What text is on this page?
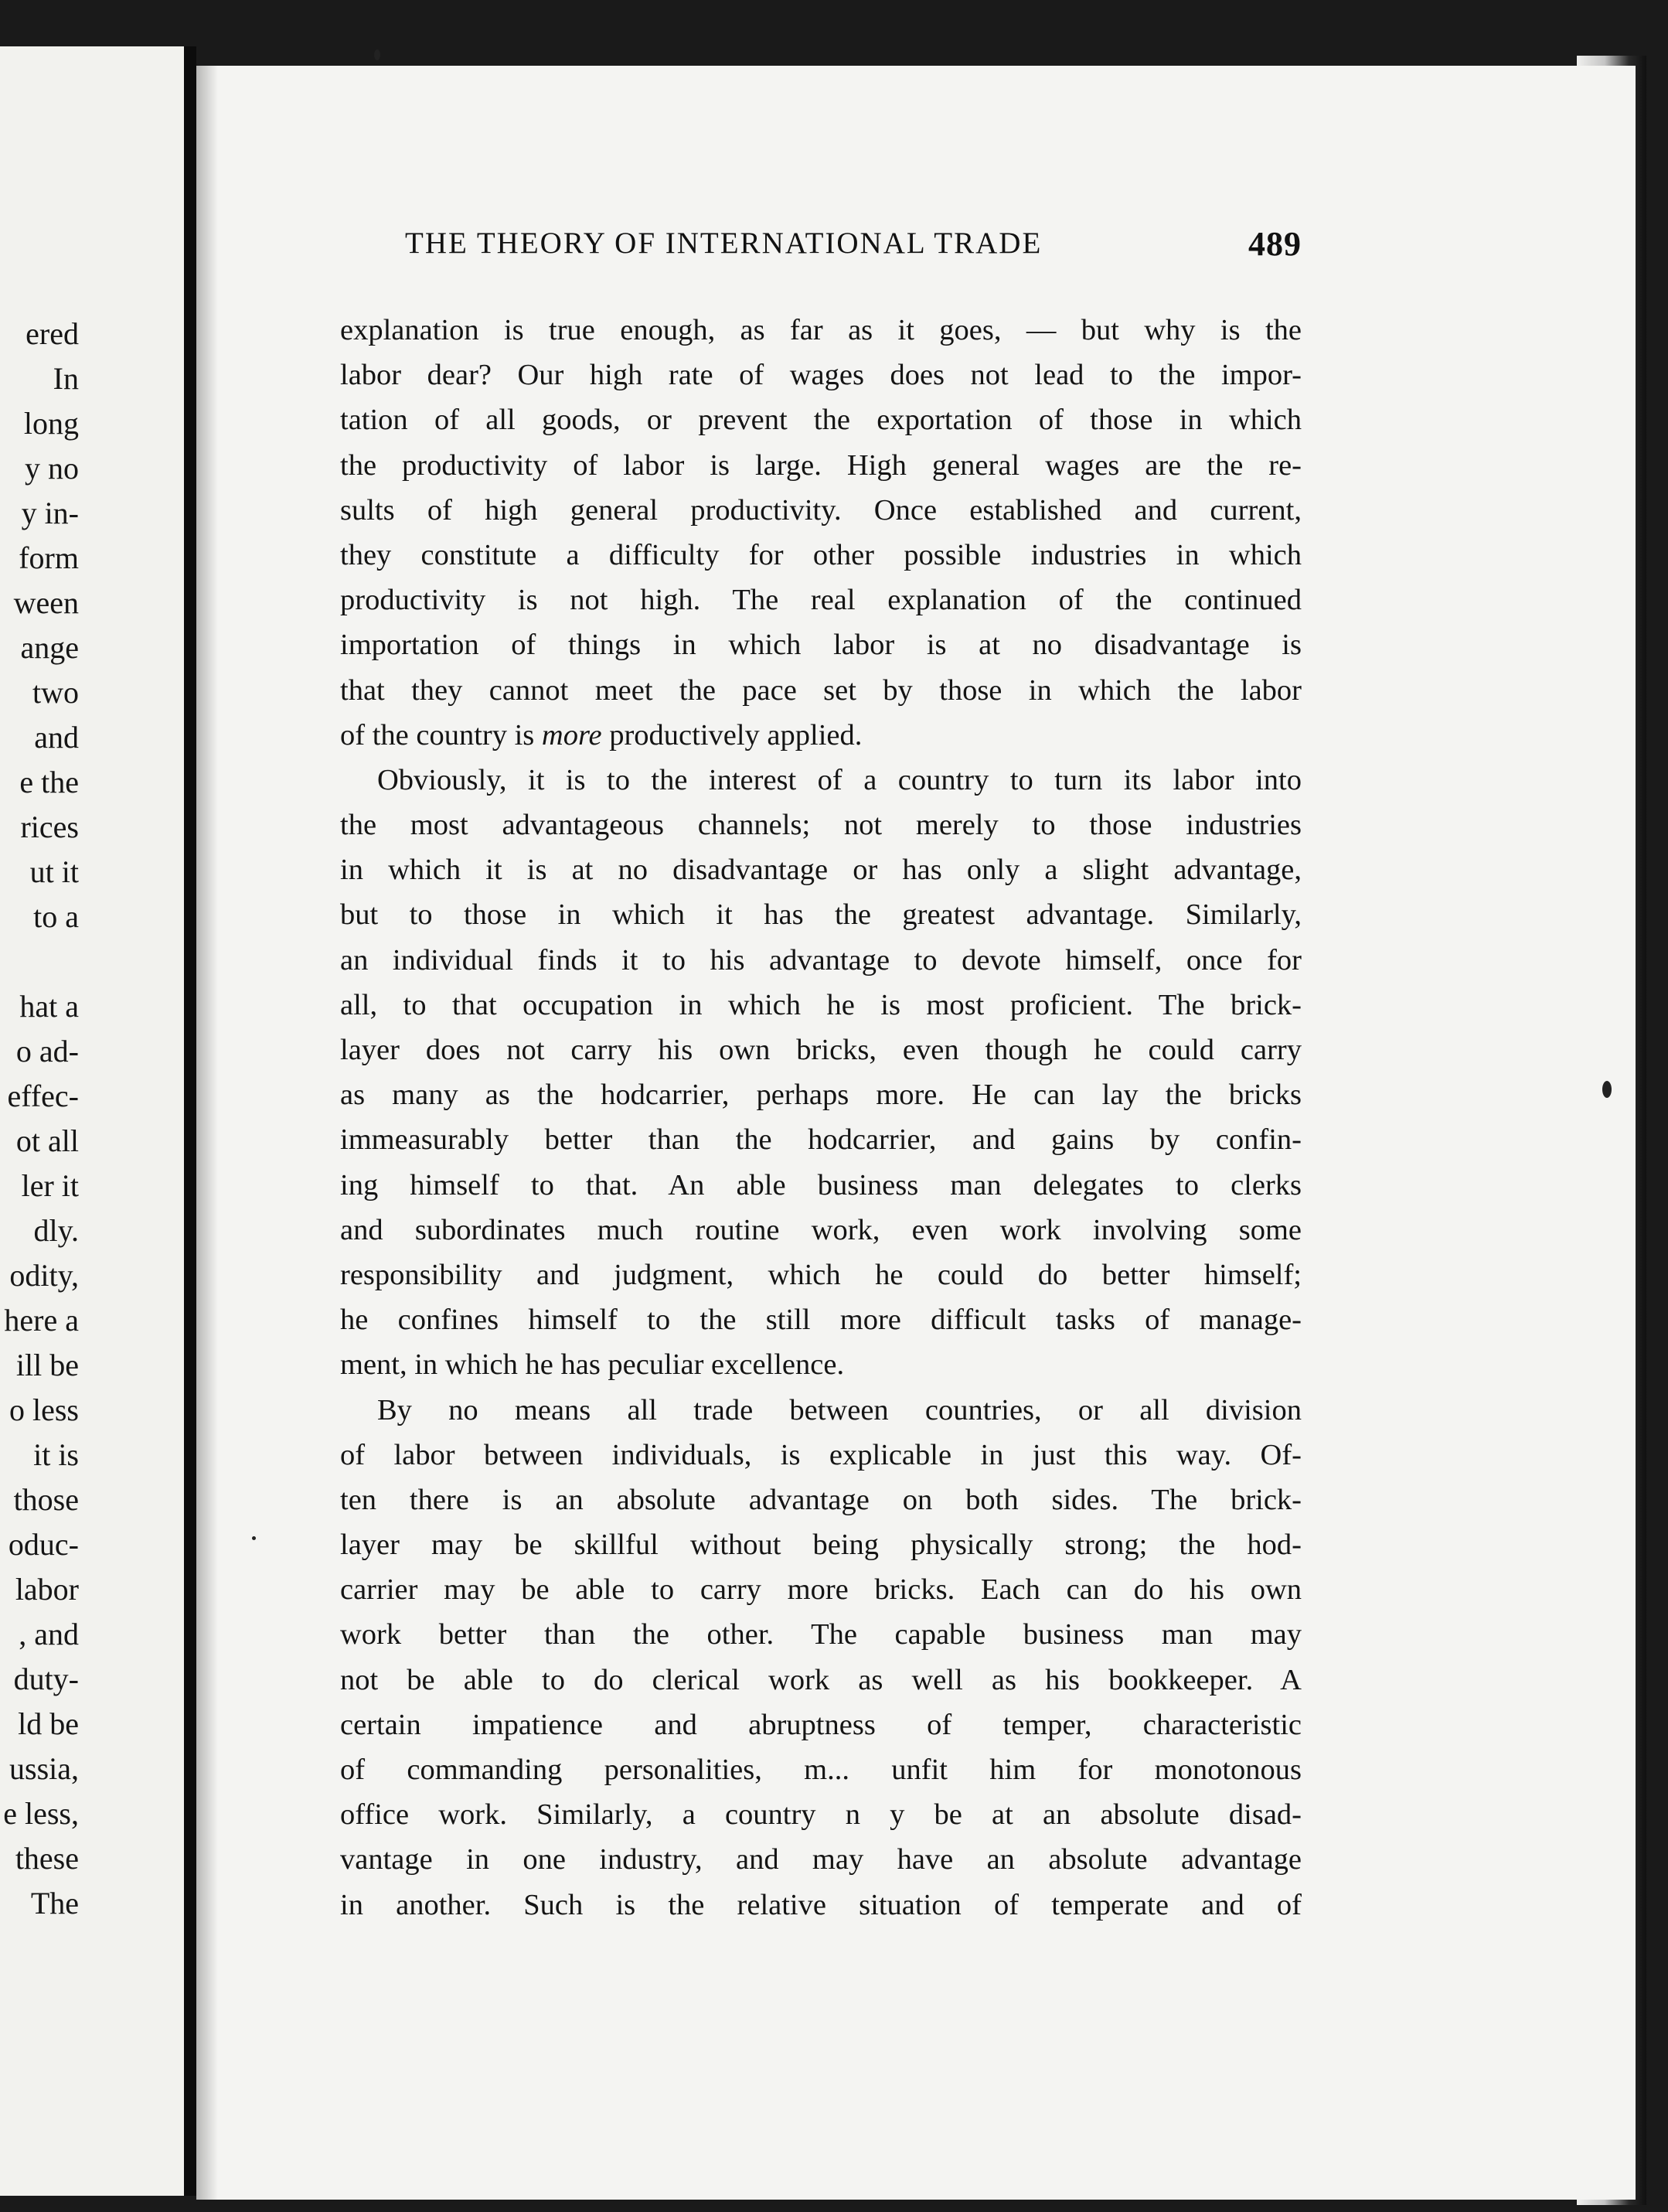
ered
In
long
y no
y in-
form
ween
ange
two
and
e the
rices
ut it
to a
hat a
o ad-
effec-
ot all
ler it
dly.
odity,
here a
ill be
o less
it is
those
oduc-
labor
, and
duty-
ld be
ussia,
e less,
these
The
THE THEORY OF INTERNATIONAL TRADE	489
explanation is true enough, as far as it goes, — but why is the
labor dear? Our high rate of wages does not lead to the impor-
tation of all goods, or prevent the exportation of those in which
the productivity of labor is large. High general wages are the re-
sults of high general productivity. Once established and current,
they constitute a difficulty for other possible industries in which
productivity is not high. The real explanation of the continued
importation of things in which labor is at no disadvantage is
that they cannot meet the pace set by those in which the labor
of the country is more productively applied.
Obviously, it is to the interest of a country to turn its labor into
the most advantageous channels; not merely to those industries
in which it is at no disadvantage or has only a slight advantage,
but to those in which it has the greatest advantage. Similarly,
an individual finds it to his advantage to devote himself, once for
all, to that occupation in which he is most proficient. The brick-
layer does not carry his own bricks, even though he could carry
as many as the hodcarrier, perhaps more. He can lay the bricks
immeasurably better than the hodcarrier, and gains by confin-
ing himself to that. An able business man delegates to clerks
and subordinates much routine work, even work involving some
responsibility and judgment, which he could do better himself;
he confines himself to the still more difficult tasks of manage-
ment, in which he has peculiar excellence.
By no means all trade between countries, or all division
of labor between individuals, is explicable in just this way. Of-
ten there is an absolute advantage on both sides. The brick-
layer may be skillful without being physically strong; the hod-
carrier may be able to carry more bricks. Each can do his own
work better than the other. The capable business man may
not be able to do clerical work as well as his bookkeeper. A
certain impatience and abruptness of temper, characteristic
of commanding personalities, m... unfit him for monotonous
office work. Similarly, a country n y be at an absolute disad-
vantage in one industry, and may have an absolute advantage
in another. Such is the relative situation of temperate and of
